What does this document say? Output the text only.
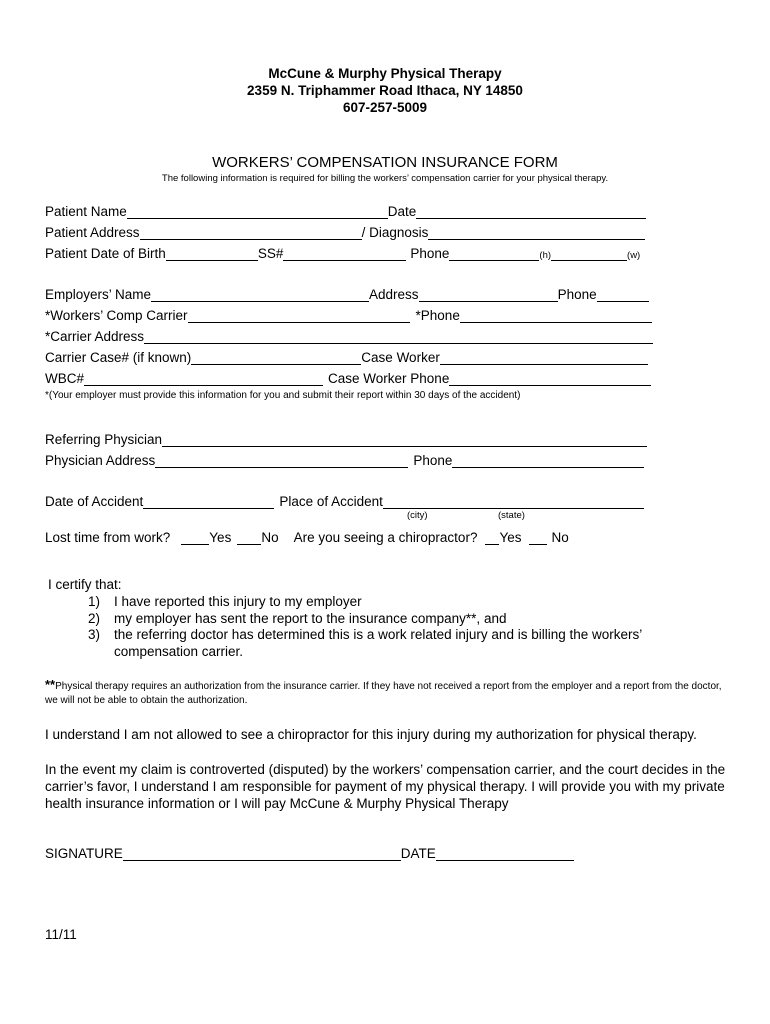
McCune & Murphy Physical Therapy
2359 N. Triphammer Road Ithaca, NY 14850
607-257-5009
WORKERS’ COMPENSATION INSURANCE FORM
The following information is required for billing the workers’ compensation carrier for your physical therapy.
Patient Name	Date
Patient Address	/ Diagnosis
Patient Date of Birth	SS#	Phone	(h)	(w)
Employers’ Name	Address	Phone
*Workers’ Comp Carrier	*Phone
*Carrier Address
Carrier Case# (if known)	Case Worker
WBC#	Case Worker Phone
*(Your employer must provide this information for you and submit their report within 30 days of the accident)
Referring Physician
Physician Address	Phone
Date of Accident	Place of Accident
(city)	(state)
Lost time from work?	Yes No Are you seeing a chiropractor? Yes No
I certify that:
1)	I have reported this injury to my employer
2)	my employer has sent the report to the insurance company**, and
3)	the referring doctor has determined this is a work related injury and is billing the workers’
compensation carrier.
**Physical therapy requires an authorization from the insurance carrier. If they have not received a report from the employer and a report from the doctor, we will not be able to obtain the authorization.
I understand I am not allowed to see a chiropractor for this injury during my authorization for physical therapy.
In the event my claim is controverted (disputed) by the workers’ compensation carrier, and the court decides in the carrier’s favor, I understand I am responsible for payment of my physical therapy. I will provide you with my private health insurance information or I will pay McCune & Murphy Physical Therapy
SIGNATURE	DATE
11/11
